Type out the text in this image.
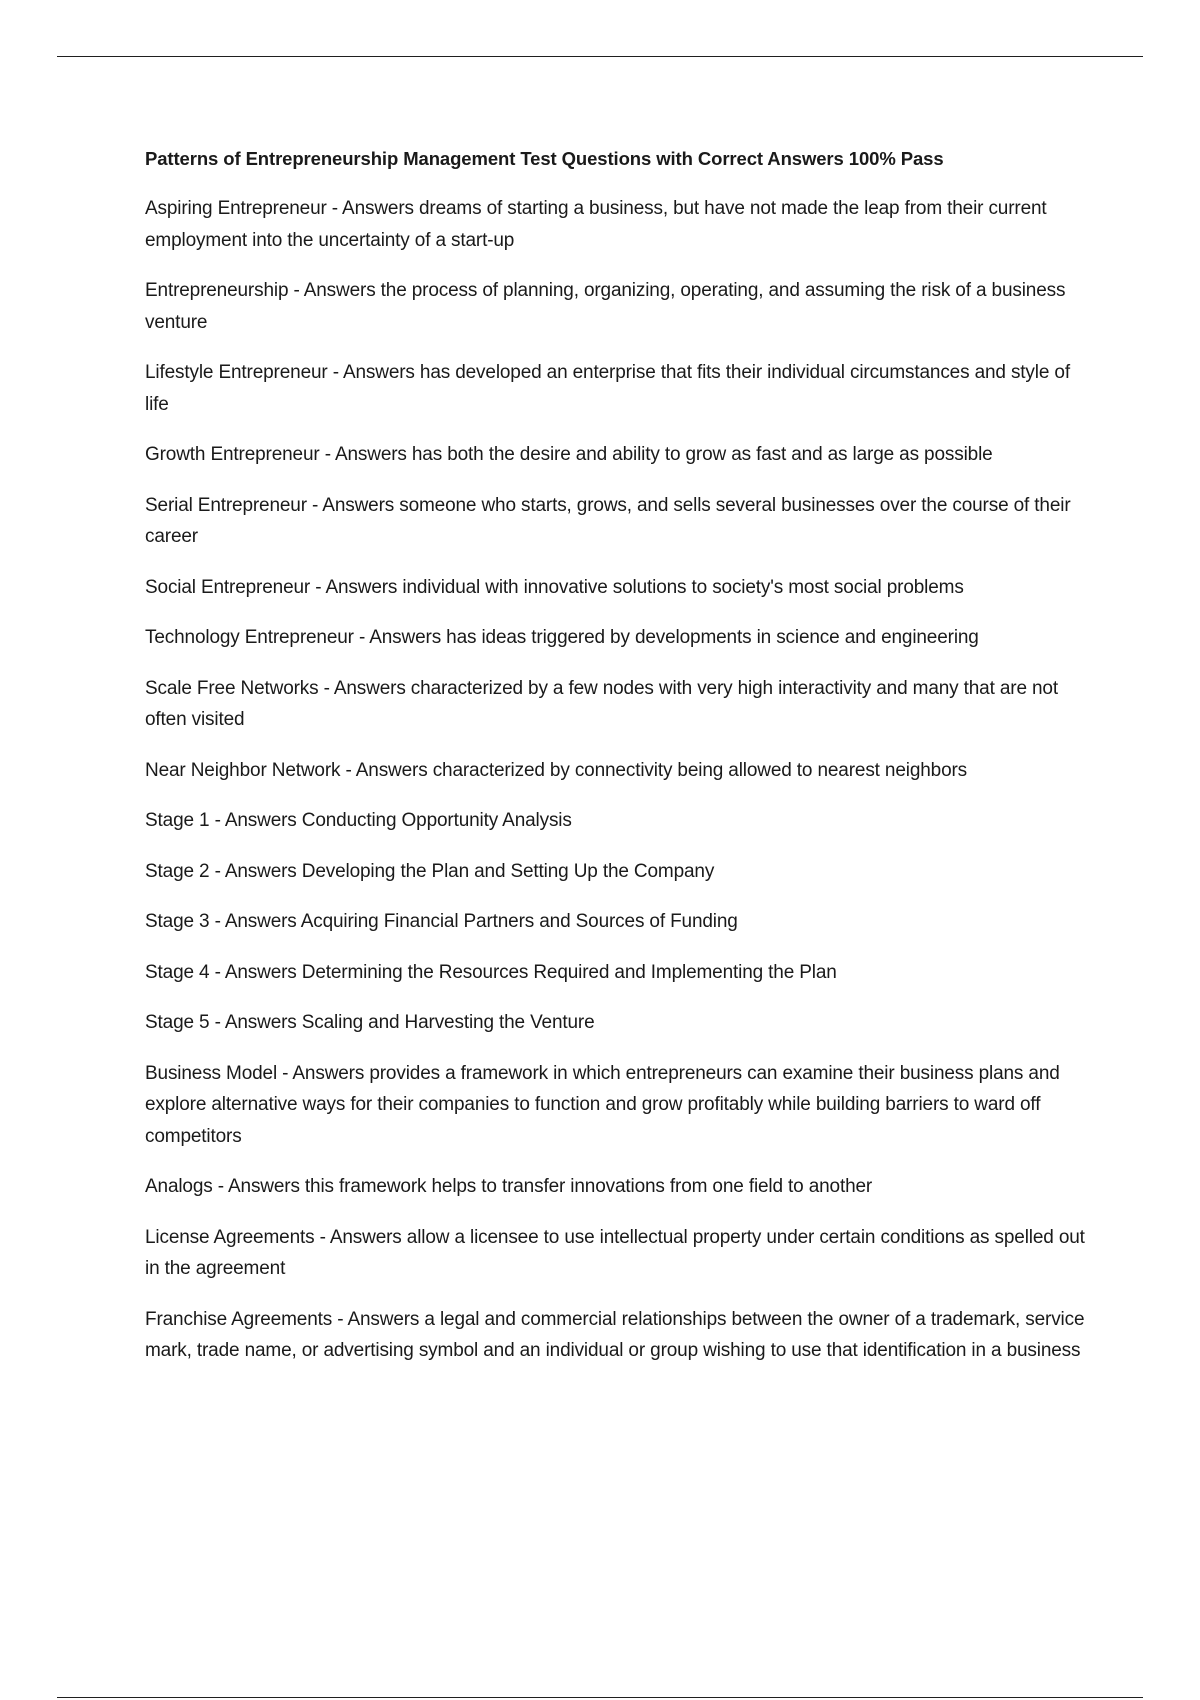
Patterns of Entrepreneurship Management Test Questions with Correct Answers 100% Pass

Aspiring Entrepreneur - Answers dreams of starting a business, but have not made the leap from their current employment into the uncertainty of a start-up

Entrepreneurship - Answers the process of planning, organizing, operating, and assuming the risk of a business venture

Lifestyle Entrepreneur - Answers has developed an enterprise that fits their individual circumstances and style of life

Growth Entrepreneur - Answers has both the desire and ability to grow as fast and as large as possible

Serial Entrepreneur - Answers someone who starts, grows, and sells several businesses over the course of their career

Social Entrepreneur - Answers individual with innovative solutions to society's most social problems

Technology Entrepreneur - Answers has ideas triggered by developments in science and engineering

Scale Free Networks - Answers characterized by a few nodes with very high interactivity and many that are not often visited

Near Neighbor Network - Answers characterized by connectivity being allowed to nearest neighbors

Stage 1 - Answers Conducting Opportunity Analysis

Stage 2 - Answers Developing the Plan and Setting Up the Company

Stage 3 - Answers Acquiring Financial Partners and Sources of Funding

Stage 4 - Answers Determining the Resources Required and Implementing the Plan

Stage 5 - Answers Scaling and Harvesting the Venture

Business Model - Answers provides a framework in which entrepreneurs can examine their business plans and explore alternative ways for their companies to function and grow profitably while building barriers to ward off competitors

Analogs - Answers this framework helps to transfer innovations from one field to another

License Agreements - Answers allow a licensee to use intellectual property under certain conditions as spelled out in the agreement

Franchise Agreements - Answers a legal and commercial relationships between the owner of a trademark, service mark, trade name, or advertising symbol and an individual or group wishing to use that identification in a business
